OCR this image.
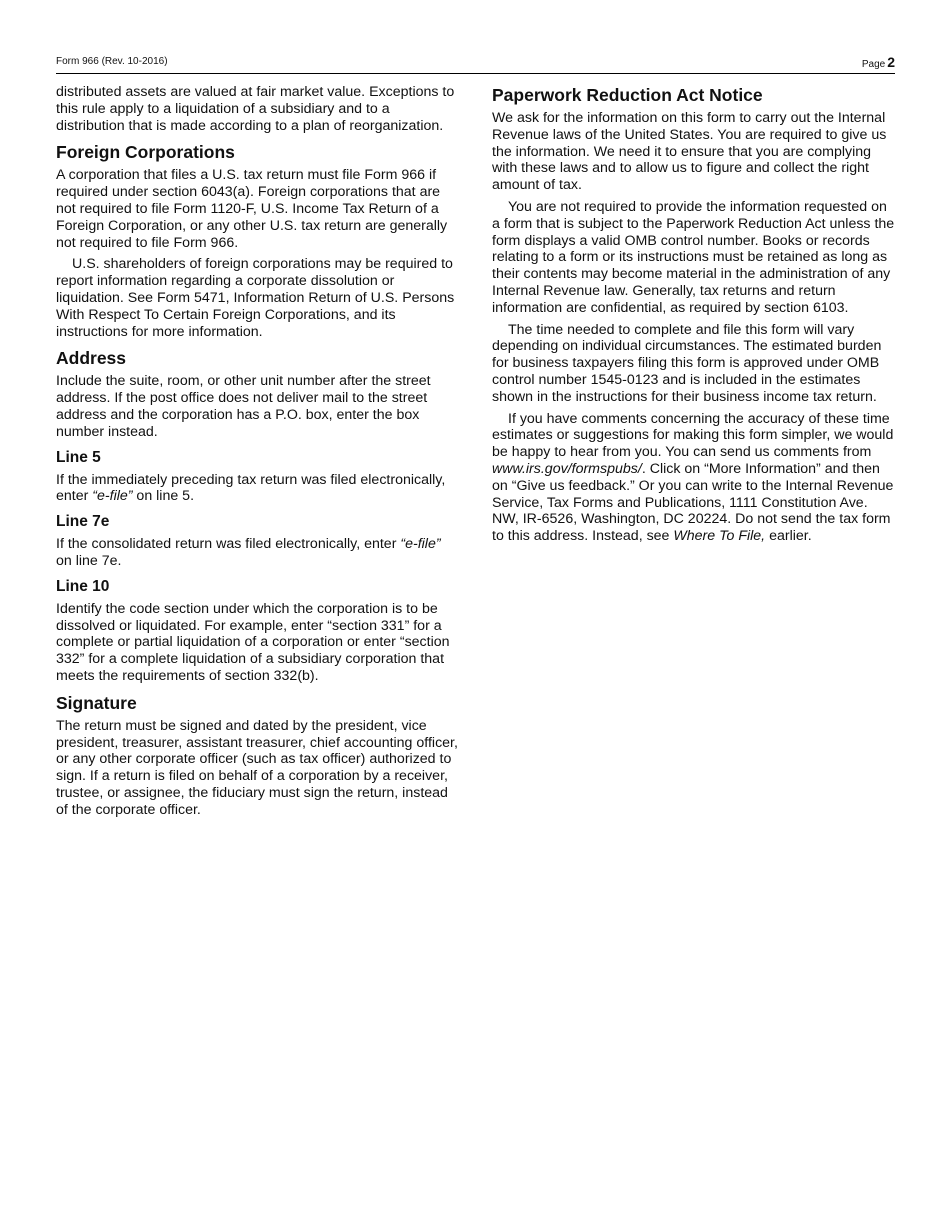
Form 966 (Rev. 10-2016)	Page 2

distributed assets are valued at fair market value. Exceptions to this rule apply to a liquidation of a subsidiary and to a distribution that is made according to a plan of reorganization.

Foreign Corporations

A corporation that files a U.S. tax return must file Form 966 if required under section 6043(a). Foreign corporations that are not required to file Form 1120-F, U.S. Income Tax Return of a Foreign Corporation, or any other U.S. tax return are generally not required to file Form 966.

U.S. shareholders of foreign corporations may be required to report information regarding a corporate dissolution or liquidation. See Form 5471, Information Return of U.S. Persons With Respect To Certain Foreign Corporations, and its instructions for more information.

Address

Include the suite, room, or other unit number after the street address. If the post office does not deliver mail to the street address and the corporation has a P.O. box, enter the box number instead.

Line 5

If the immediately preceding tax return was filed electronically, enter “e-file” on line 5.

Line 7e

If the consolidated return was filed electronically, enter “e-file” on line 7e.

Line 10

Identify the code section under which the corporation is to be dissolved or liquidated. For example, enter “section 331” for a complete or partial liquidation of a corporation or enter “section 332” for a complete liquidation of a subsidiary corporation that meets the requirements of section 332(b).

Signature

The return must be signed and dated by the president, vice president, treasurer, assistant treasurer, chief accounting officer, or any other corporate officer (such as tax officer) authorized to sign. If a return is filed on behalf of a corporation by a receiver, trustee, or assignee, the fiduciary must sign the return, instead of the corporate officer.

Paperwork Reduction Act Notice

We ask for the information on this form to carry out the Internal Revenue laws of the United States. You are required to give us the information. We need it to ensure that you are complying with these laws and to allow us to figure and collect the right amount of tax.

You are not required to provide the information requested on a form that is subject to the Paperwork Reduction Act unless the form displays a valid OMB control number. Books or records relating to a form or its instructions must be retained as long as their contents may become material in the administration of any Internal Revenue law. Generally, tax returns and return information are confidential, as required by section 6103.

The time needed to complete and file this form will vary depending on individual circumstances. The estimated burden for business taxpayers filing this form is approved under OMB control number 1545-0123 and is included in the estimates shown in the instructions for their business income tax return.

If you have comments concerning the accuracy of these time estimates or suggestions for making this form simpler, we would be happy to hear from you. You can send us comments from www.irs.gov/formspubs/. Click on “More Information” and then on “Give us feedback.” Or you can write to the Internal Revenue Service, Tax Forms and Publications, 1111 Constitution Ave. NW, IR-6526, Washington, DC 20224. Do not send the tax form to this address. Instead, see Where To File, earlier.
